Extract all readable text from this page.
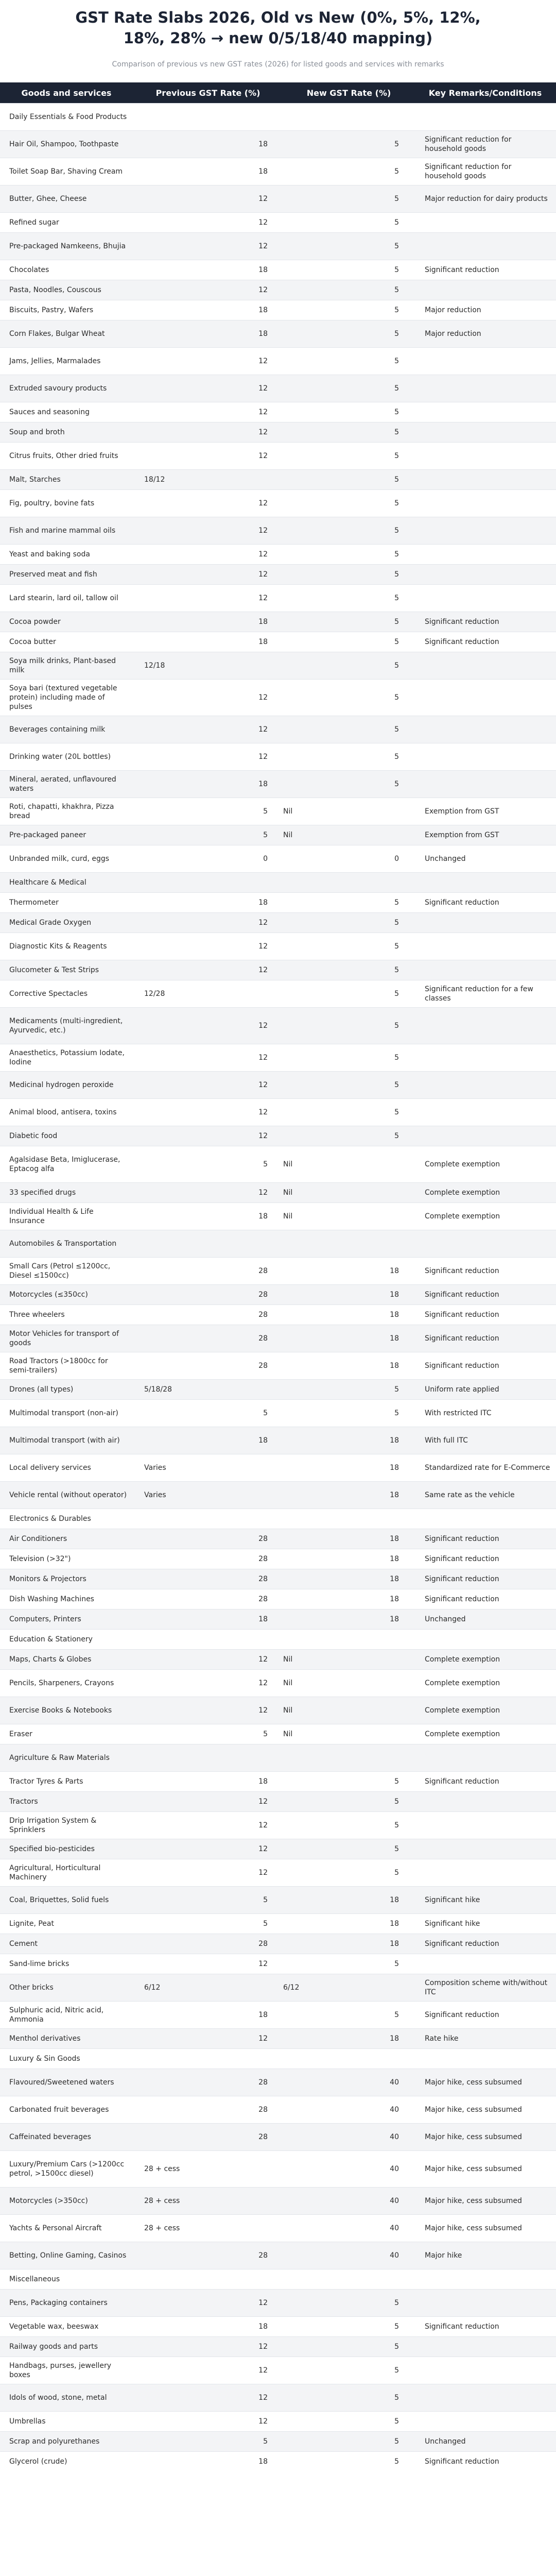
GST Rate Slabs 2026, Old vs New (0%, 5%, 12%, 18%, 28% → new 0/5/18/40 mapping)
Comparison of previous vs new GST rates (2026) for listed goods and services with remarks
Goods and services	Previous GST Rate (%)	New GST Rate (%)	Key Remarks/Conditions
Daily Essentials & Food Products	

Hair Oil, Shampoo, Toothpaste	18	5	Significant reduction for household goods
Toilet Soap Bar, Shaving Cream	18	5	Significant reduction for household goods
Butter, Ghee, Cheese	12	5	Major reduction for dairy products
Refined sugar	12	5	

Pre-packaged Namkeens, Bhujia	12	5	

Chocolates	18	5	Significant reduction
Pasta, Noodles, Couscous	12	5	

Biscuits, Pastry, Wafers	18	5	Major reduction
Corn Flakes, Bulgar Wheat	18	5	Major reduction
Jams, Jellies, Marmalades	12	5	

Extruded savoury products	12	5	

Sauces and seasoning	12	5	

Soup and broth	12	5	

Citrus fruits, Other dried fruits	12	5	

Malt, Starches	18/12	5	

Fig, poultry, bovine fats	12	5	

Fish and marine mammal oils	12	5	

Yeast and baking soda	12	5	

Preserved meat and fish	12	5	

Lard stearin, lard oil, tallow oil	12	5	

Cocoa powder	18	5	Significant reduction
Cocoa butter	18	5	Significant reduction
Soya milk drinks, Plant-based milk	12/18	5	

Soya bari (textured vegetable protein) including made of pulses	12	5	

Beverages containing milk	12	5	

Drinking water (20L bottles)	12	5	

Mineral, aerated, unflavoured waters	18	5	

Roti, chapatti, khakhra, Pizza bread	5	Nil	Exemption from GST
Pre-packaged paneer	5	Nil	Exemption from GST
Unbranded milk, curd, eggs	0	0	Unchanged
Healthcare & Medical	

Thermometer	18	5	Significant reduction
Medical Grade Oxygen	12	5	

Diagnostic Kits & Reagents	12	5	

Glucometer & Test Strips	12	5	

Corrective Spectacles	12/28	5	Significant reduction for a few classes
Medicaments (multi-ingredient, Ayurvedic, etc.)	12	5	

Anaesthetics, Potassium Iodate, Iodine	12	5	

Medicinal hydrogen peroxide	12	5	

Animal blood, antisera, toxins	12	5	

Diabetic food	12	5	

Agalsidase Beta, Imiglucerase, Eptacog alfa	5	Nil	Complete exemption
33 specified drugs	12	Nil	Complete exemption
Individual Health & Life Insurance	18	Nil	Complete exemption
Automobiles & Transportation	

Small Cars (Petrol ≤1200cc, Diesel ≤1500cc)	28	18	Significant reduction
Motorcycles (≤350cc)	28	18	Significant reduction
Three wheelers	28	18	Significant reduction
Motor Vehicles for transport of goods	28	18	Significant reduction
Road Tractors (>1800cc for semi-trailers)	28	18	Significant reduction
Drones (all types)	5/18/28	5	Uniform rate applied
Multimodal transport (non-air)	5	5	With restricted ITC
Multimodal transport (with air)	18	18	With full ITC
Local delivery services	Varies	18	Standardized rate for E-Commerce
Vehicle rental (without operator)	Varies	18	Same rate as the vehicle
Electronics & Durables	

Air Conditioners	28	18	Significant reduction
Television (>32")	28	18	Significant reduction
Monitors & Projectors	28	18	Significant reduction
Dish Washing Machines	28	18	Significant reduction
Computers, Printers	18	18	Unchanged
Education & Stationery	

Maps, Charts & Globes	12	Nil	Complete exemption
Pencils, Sharpeners, Crayons	12	Nil	Complete exemption
Exercise Books & Notebooks	12	Nil	Complete exemption
Eraser	5	Nil	Complete exemption
Agriculture & Raw Materials	

Tractor Tyres & Parts	18	5	Significant reduction
Tractors	12	5	

Drip Irrigation System & Sprinklers	12	5	

Specified bio-pesticides	12	5	

Agricultural, Horticultural Machinery	12	5	

Coal, Briquettes, Solid fuels	5	18	Significant hike
Lignite, Peat	5	18	Significant hike
Cement	28	18	Significant reduction
Sand-lime bricks	12	5	

Other bricks	6/12	6/12	Composition scheme with/without ITC
Sulphuric acid, Nitric acid, Ammonia	18	5	Significant reduction
Menthol derivatives	12	18	Rate hike
Luxury & Sin Goods	

Flavoured/Sweetened waters	28	40	Major hike, cess subsumed
Carbonated fruit beverages	28	40	Major hike, cess subsumed
Caffeinated beverages	28	40	Major hike, cess subsumed
Luxury/Premium Cars (>1200cc petrol, >1500cc diesel)	28 + cess	40	Major hike, cess subsumed
Motorcycles (>350cc)	28 + cess	40	Major hike, cess subsumed
Yachts & Personal Aircraft	28 + cess	40	Major hike, cess subsumed
Betting, Online Gaming, Casinos	28	40	Major hike
Miscellaneous	

Pens, Packaging containers	12	5	

Vegetable wax, beeswax	18	5	Significant reduction
Railway goods and parts	12	5	

Handbags, purses, jewellery boxes	12	5	

Idols of wood, stone, metal	12	5	

Umbrellas	12	5	

Scrap and polyurethanes	5	5	Unchanged
Glycerol (crude)	18	5	Significant reduction
